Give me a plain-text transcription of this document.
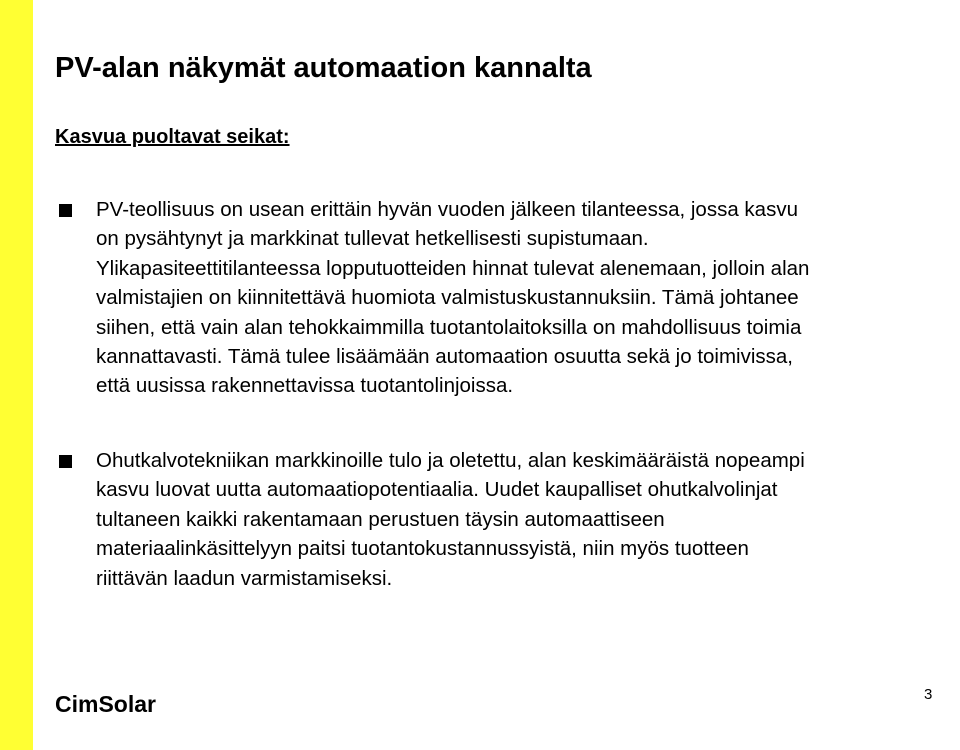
PV-alan näkymät automaation kannalta
Kasvua puoltavat seikat:
PV-teollisuus on usean erittäin hyvän vuoden jälkeen tilanteessa, jossa kasvu
on pysähtynyt ja markkinat tullevat hetkellisesti supistumaan.
Ylikapasiteettitilanteessa lopputuotteiden hinnat tulevat alenemaan, jolloin alan
valmistajien on kiinnitettävä huomiota valmistuskustannuksiin. Tämä johtanee
siihen, että vain alan tehokkaimmilla tuotantolaitoksilla on mahdollisuus toimia
kannattavasti. Tämä tulee lisäämään automaation osuutta sekä jo toimivissa,
että uusissa rakennettavissa tuotantolinjoissa.
Ohutkalvotekniikan markkinoille tulo ja oletettu, alan keskimääräistä nopeampi
kasvu luovat uutta automaatiopotentiaalia. Uudet kaupalliset ohutkalvolinjat
tultaneen kaikki rakentamaan perustuen täysin automaattiseen
materiaalinkäsittelyyn paitsi tuotantokustannussyistä, niin myös tuotteen
riittävän laadun varmistamiseksi.
CimSolar	3
